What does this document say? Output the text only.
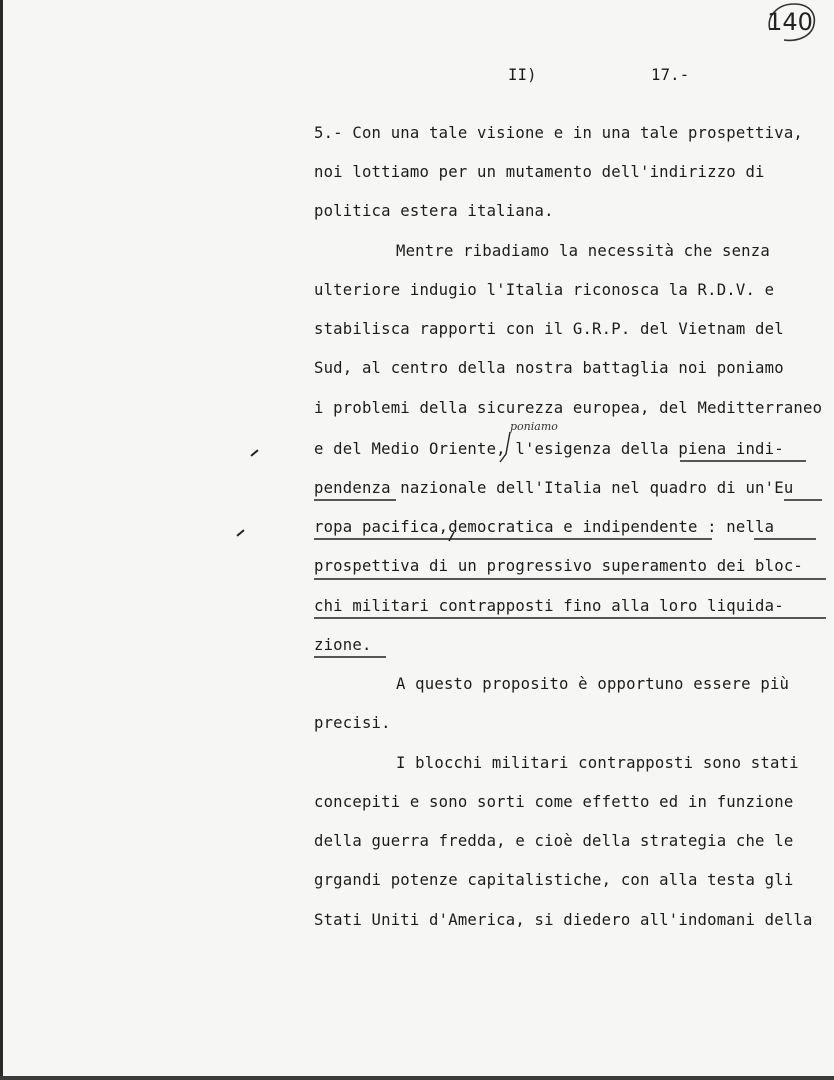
140
II)	17.-
5.- Con una tale visione e in una tale prospettiva,
noi lottiamo per un mutamento dell'indirizzo di
politica estera italiana.
Mentre ribadiamo la necessità che senza
ulteriore indugio l'Italia riconosca la R.D.V. e
stabilisca rapporti con il G.R.P. del Vietnam del
Sud, al centro della nostra battaglia noi poniamo
i problemi della sicurezza europea, del Meditterraneo
poniamo
e del Medio Oriente, l'esigenza della piena indi-
pendenza nazionale dell'Italia nel quadro di un'Eu
ropa pacifica,democratica e indipendente : nella
prospettiva di un progressivo superamento dei bloc-
chi militari contrapposti fino alla loro liquida-
zione.
A questo proposito è opportuno essere più
precisi.
I blocchi militari contrapposti sono stati
concepiti e sono sorti come effetto ed in funzione
della guerra fredda, e cioè della strategia che le
grgandi potenze capitalistiche, con alla testa gli
Stati Uniti d'America, si diedero all'indomani della
